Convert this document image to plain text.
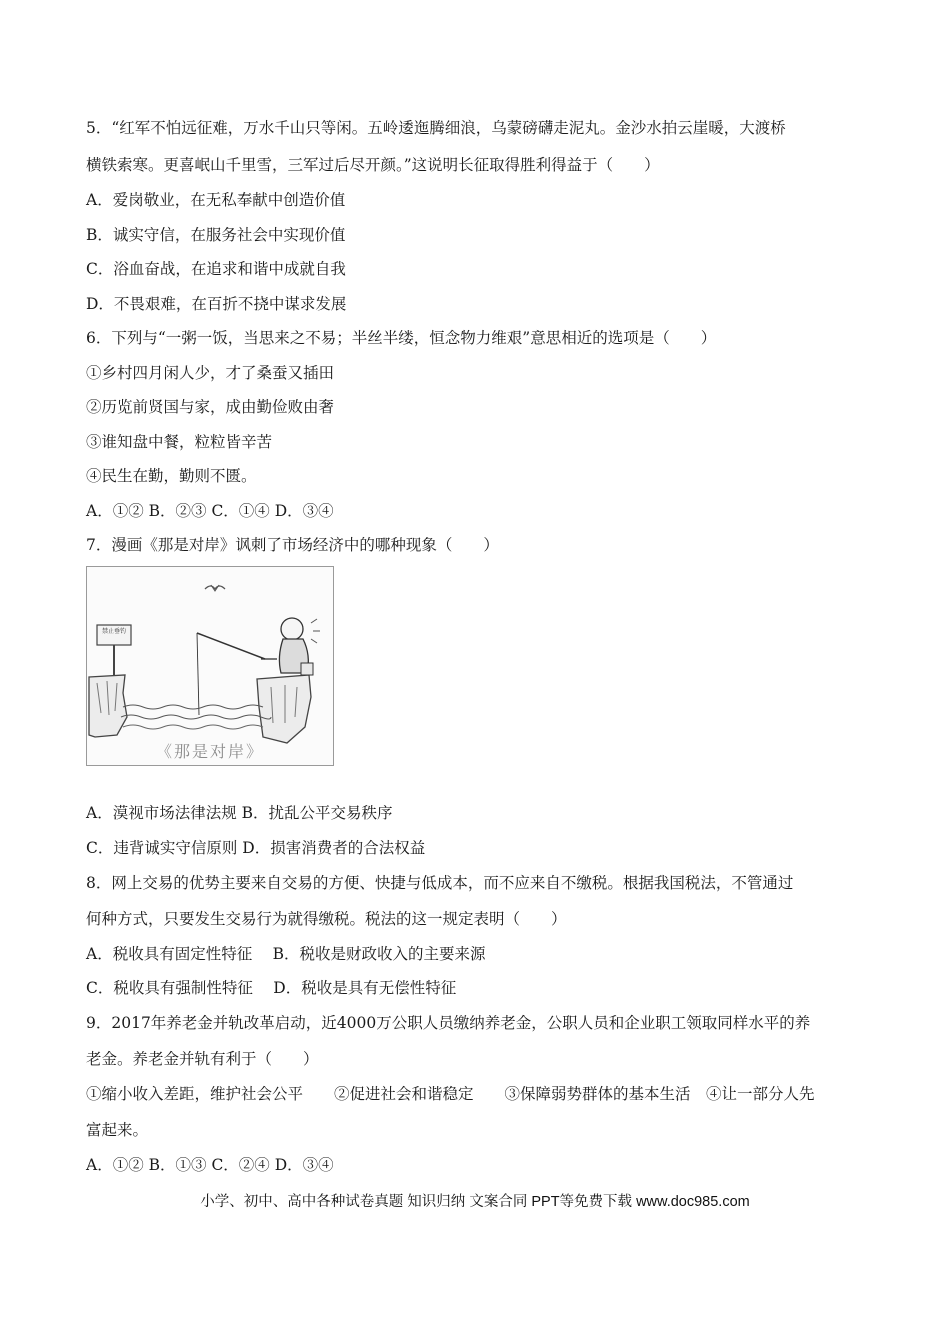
5．“红军不怕远征难，万水千山只等闲。五岭逶迤腾细浪，乌蒙磅礴走泥丸。金沙水拍云崖暖，大渡桥
横铁索寒。更喜岷山千里雪，三军过后尽开颜。”这说明长征取得胜利得益于（　　）
A．爱岗敬业，在无私奉献中创造价值
B．诚实守信，在服务社会中实现价值
C．浴血奋战，在追求和谐中成就自我
D．不畏艰难，在百折不挠中谋求发展
6．下列与“一粥一饭，当思来之不易；半丝半缕，恒念物力维艰”意思相近的选项是（　　）
①乡村四月闲人少，才了桑蚕又插田
②历览前贤国与家，成由勤俭败由奢
③谁知盘中餐，粒粒皆辛苦
④民生在勤，勤则不匮。
A．①② B．②③ C．①④ D．③④
7．漫画《那是对岸》讽刺了市场经济中的哪种现象（　　）
禁止垂钓
《那是对岸》
A．漠视市场法律法规 B．扰乱公平交易秩序
C．违背诚实守信原则 D．损害消费者的合法权益
8．网上交易的优势主要来自交易的方便、快捷与低成本，而不应来自不缴税。根据我国税法，不管通过
何种方式，只要发生交易行为就得缴税。税法的这一规定表明（　　）
A．税收具有固定性特征　 B．税收是财政收入的主要来源
C．税收具有强制性特征　 D．税收是具有无偿性特征
9．2017年养老金并轨改革启动，近4000万公职人员缴纳养老金，公职人员和企业职工领取同样水平的养
老金。养老金并轨有利于（　　）
①缩小收入差距，维护社会公平　　②促进社会和谐稳定　　③保障弱势群体的基本生活　④让一部分人先
富起来。
A．①② B．①③ C．②④ D．③④
小学、初中、高中各种试卷真题 知识归纳 文案合同 PPT等免费下载 www.doc985.com
